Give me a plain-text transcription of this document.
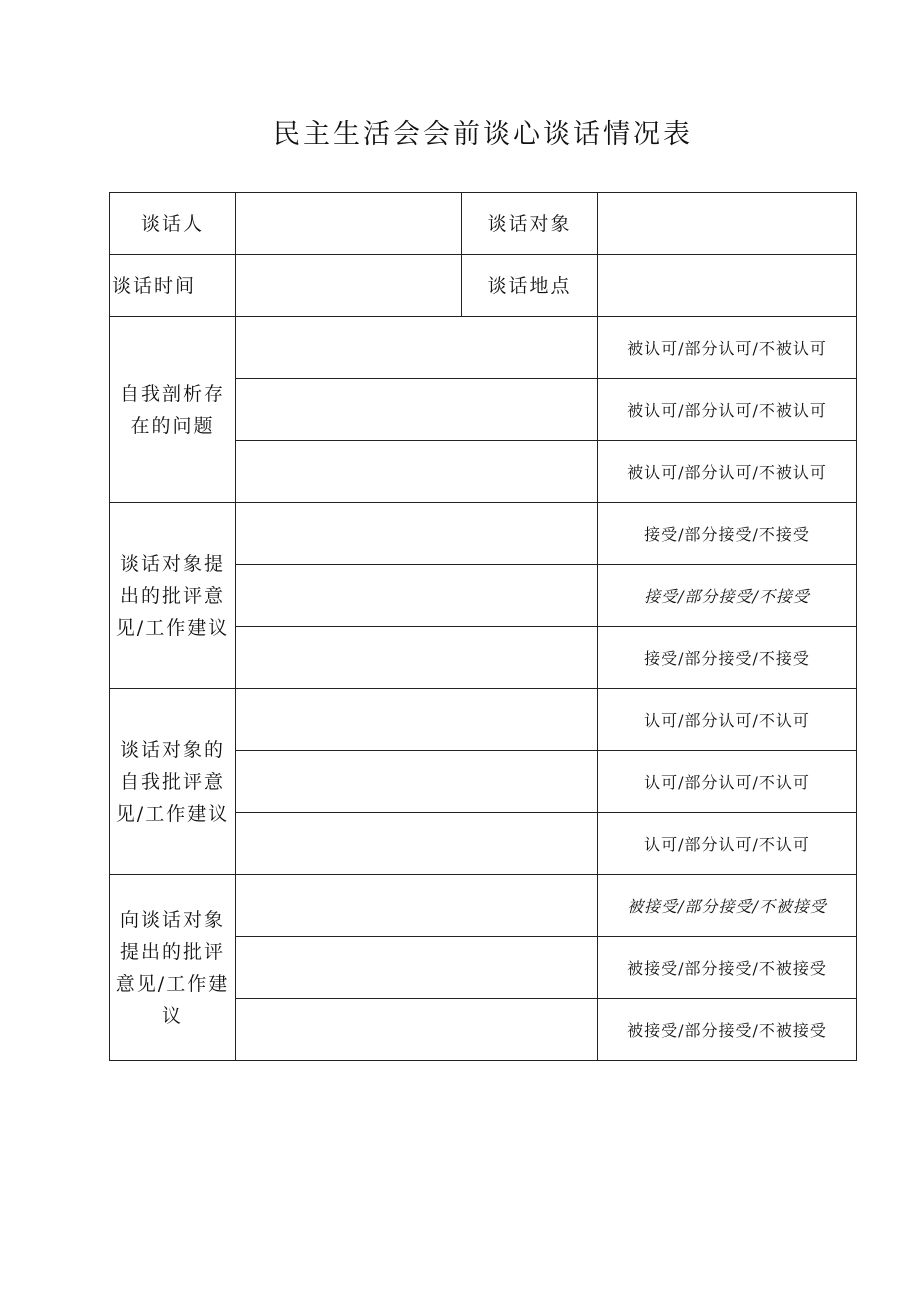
民主生活会会前谈心谈话情况表
谈话人		谈话对象	
谈话时间		谈话地点	
自我剖析存在的问题			被认可/部分认可/不被认可
			被认可/部分认可/不被认可
			被认可/部分认可/不被认可
谈话对象提出的批评意见/工作建议			接受/部分接受/不接受
			接受/部分接受/不接受
			接受/部分接受/不接受
谈话对象的自我批评意见/工作建议			认可/部分认可/不认可
			认可/部分认可/不认可
			认可/部分认可/不认可
向谈话对象提出的批评意见/工作建议			被接受/部分接受/不被接受
			被接受/部分接受/不被接受
			被接受/部分接受/不被接受
